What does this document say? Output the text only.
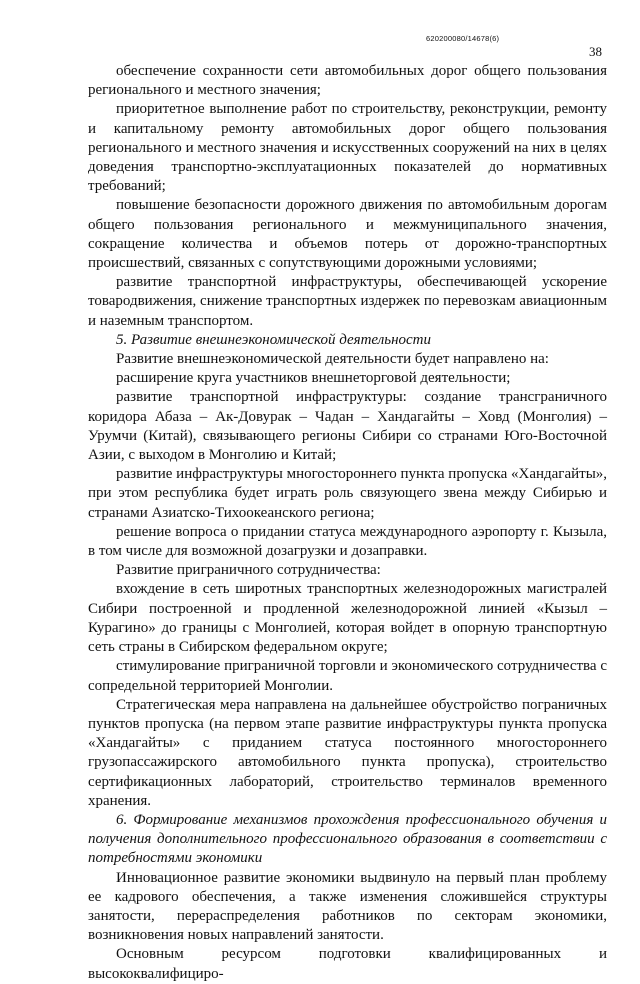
620200080/14678(6)
38

обеспечение сохранности сети автомобильных дорог общего пользования регионального и местного значения;

приоритетное выполнение работ по строительству, реконструкции, ремонту и капитальному ремонту автомобильных дорог общего пользования регионального и местного значения и искусственных сооружений на них в целях доведения транспортно-эксплуатационных показателей до нормативных требований;

повышение безопасности дорожного движения по автомобильным дорогам общего пользования регионального и межмуниципального значения, сокращение количества и объемов потерь от дорожно-транспортных происшествий, связанных с сопутствующими дорожными условиями;

развитие транспортной инфраструктуры, обеспечивающей ускорение товародвижения, снижение транспортных издержек по перевозкам авиационным и наземным транспортом.

5. Развитие внешнеэкономической деятельности

Развитие внешнеэкономической деятельности будет направлено на:

расширение круга участников внешнеторговой деятельности;

развитие транспортной инфраструктуры: создание трансграничного коридора Абаза – Ак-Довурак – Чадан – Хандагайты – Ховд (Монголия) – Урумчи (Китай), связывающего регионы Сибири со странами Юго-Восточной Азии, с выходом в Монголию и Китай;

развитие инфраструктуры многостороннего пункта пропуска «Хандагайты», при этом республика будет играть роль связующего звена между Сибирью и странами Азиатско-Тихоокеанского региона;

решение вопроса о придании статуса международного аэропорту г. Кызыла, в том числе для возможной дозагрузки и дозаправки.

Развитие приграничного сотрудничества:

вхождение в сеть широтных транспортных железнодорожных магистралей Сибири построенной и продленной железнодорожной линией «Кызыл – Курагино» до границы с Монголией, которая войдет в опорную транспортную сеть страны в Сибирском федеральном округе;

стимулирование приграничной торговли и экономического сотрудничества с сопредельной территорией Монголии.

Стратегическая мера направлена на дальнейшее обустройство пограничных пунктов пропуска (на первом этапе развитие инфраструктуры пункта пропуска «Хандагайты» с приданием статуса постоянного многостороннего грузопассажирского автомобильного пункта пропуска), строительство сертификационных лабораторий, строительство терминалов временного хранения.

6. Формирование механизмов прохождения профессионального обучения и получения дополнительного профессионального образования в соответствии с потребностями экономики

Инновационное развитие экономики выдвинуло на первый план проблему ее кадрового обеспечения, а также изменения сложившейся структуры занятости, перераспределения работников по секторам экономики, возникновения новых направлений занятости.

Основным ресурсом подготовки квалифицированных и высококвалифициро-
